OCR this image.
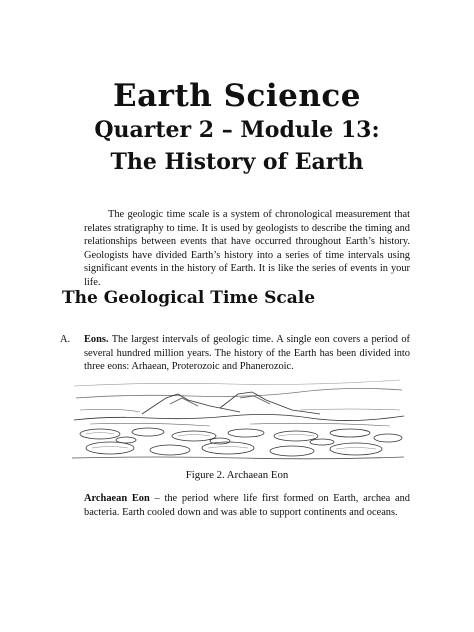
Earth Science
Quarter 2 – Module 13:
The History of Earth

The geologic time scale is a system of chronological measurement that relates stratigraphy to time. It is used by geologists to describe the timing and relationships between events that have occurred throughout Earth’s history. Geologists have divided Earth’s history into a series of time intervals using significant events in the history of Earth. It is like the series of events in your life.

The Geological Time Scale
A. Eons. The largest intervals of geologic time. A single eon covers a period of several hundred million years. The history of the Earth has been divided into three eons: Arhaean, Proterozoic and Phanerozoic.

Figure 2. Archaean Eon

Archaean Eon – the period where life first formed on Earth, archea and bacteria. Earth cooled down and was able to support continents and oceans.
